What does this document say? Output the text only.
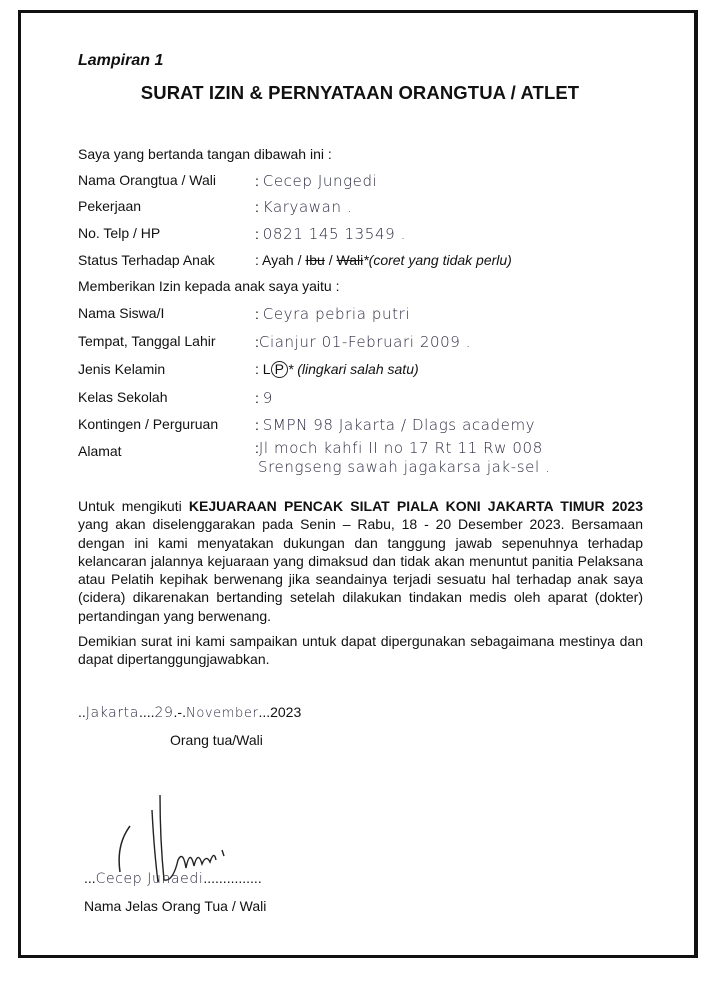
Lampiran 1
SURAT IZIN & PERNYATAAN ORANGTUA / ATLET
Saya yang bertanda tangan dibawah ini :
Nama Orangtua / Wali	: Cecep Jungedi
Pekerjaan	: Karyawan .
No. Telp / HP	: 0821 145 13549 .
Status Terhadap Anak	: Ayah / Ibu / Wali*(coret yang tidak perlu)
Memberikan Izin kepada anak saya yaitu :
Nama Siswa/I	: Ceyra pebria putri
Tempat, Tanggal Lahir	:Cianjur 01-Februari 2009 .
Jenis Kelamin	: L P * (lingkari salah satu)
Kelas Sekolah	: 9
Kontingen / Perguruan	: SMPN 98 Jakarta / Dlags academy
Alamat	:Jl moch kahfi II no 17 Rt 11 Rw 008
Srengseng sawah jagakarsa jak-sel .
Untuk mengikuti KEJUARAAN PENCAK SILAT PIALA KONI JAKARTA TIMUR 2023 yang akan diselenggarakan pada Senin – Rabu, 18 - 20 Desember 2023. Bersamaan dengan ini kami menyatakan dukungan dan tanggung jawab sepenuhnya terhadap kelancaran jalannya kejuaraan yang dimaksud dan tidak akan menuntut panitia Pelaksana atau Pelatih kepihak berwenang jika seandainya terjadi sesuatu hal terhadap anak saya (cidera) dikarenakan bertanding setelah dilakukan tindakan medis oleh aparat (dokter) pertandingan yang berwenang.
Demikian surat ini kami sampaikan untuk dapat dipergunakan sebagaimana mestinya dan dapat dipertanggungjawabkan.
..Jakarta....29.-.November...2023
Orang tua/Wali
...Cecep Junaedi...............
Nama Jelas Orang Tua / Wali
